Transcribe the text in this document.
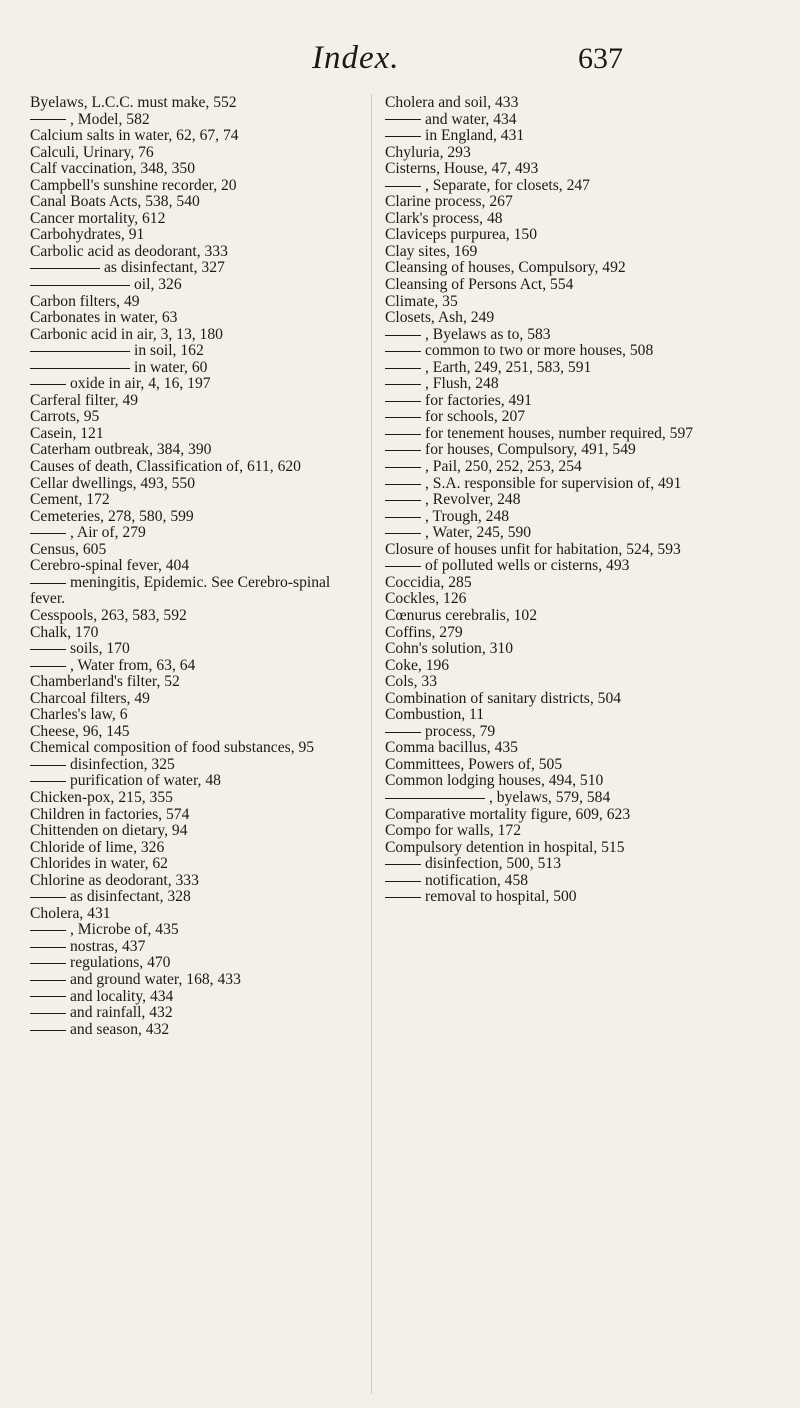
Index.	637

Byelaws, L.C.C. must make, 552

, Model, 582

Calcium salts in water, 62, 67, 74

Calculi, Urinary, 76

Calf vaccination, 348, 350

Campbell's sunshine recorder, 20

Canal Boats Acts, 538, 540

Cancer mortality, 612

Carbohydrates, 91

Carbolic acid as deodorant, 333

as disinfectant, 327

oil, 326

Carbon filters, 49

Carbonates in water, 63

Carbonic acid in air, 3, 13, 180

in soil, 162

in water, 60

oxide in air, 4, 16, 197

Carferal filter, 49

Carrots, 95

Casein, 121

Caterham outbreak, 384, 390

Causes of death, Classification of, 611, 620

Cellar dwellings, 493, 550

Cement, 172

Cemeteries, 278, 580, 599

, Air of, 279

Census, 605

Cerebro-spinal fever, 404

meningitis, Epidemic. See Cerebro-spinal fever.

Cesspools, 263, 583, 592

Chalk, 170

soils, 170

, Water from, 63, 64

Chamberland's filter, 52

Charcoal filters, 49

Charles's law, 6

Cheese, 96, 145

Chemical composition of food substances, 95

disinfection, 325

purification of water, 48

Chicken-pox, 215, 355

Children in factories, 574

Chittenden on dietary, 94

Chloride of lime, 326

Chlorides in water, 62

Chlorine as deodorant, 333

as disinfectant, 328

Cholera, 431

, Microbe of, 435

nostras, 437

regulations, 470

and ground water, 168, 433

and locality, 434

and rainfall, 432

and season, 432

Cholera and soil, 433

and water, 434

in England, 431

Chyluria, 293

Cisterns, House, 47, 493

, Separate, for closets, 247

Clarine process, 267

Clark's process, 48

Claviceps purpurea, 150

Clay sites, 169

Cleansing of houses, Compulsory, 492

Cleansing of Persons Act, 554

Climate, 35

Closets, Ash, 249

, Byelaws as to, 583

common to two or more houses, 508

, Earth, 249, 251, 583, 591

, Flush, 248

for factories, 491

for schools, 207

for tenement houses, number required, 597

for houses, Compulsory, 491, 549

, Pail, 250, 252, 253, 254

, S.A. responsible for supervision of, 491

, Revolver, 248

, Trough, 248

, Water, 245, 590

Closure of houses unfit for habitation, 524, 593

of polluted wells or cisterns, 493

Coccidia, 285

Cockles, 126

Cœnurus cerebralis, 102

Coffins, 279

Cohn's solution, 310

Coke, 196

Cols, 33

Combination of sanitary districts, 504

Combustion, 11

process, 79

Comma bacillus, 435

Committees, Powers of, 505

Common lodging houses, 494, 510

, byelaws, 579, 584

Comparative mortality figure, 609, 623

Compo for walls, 172

Compulsory detention in hospital, 515

disinfection, 500, 513

notification, 458

removal to hospital, 500
